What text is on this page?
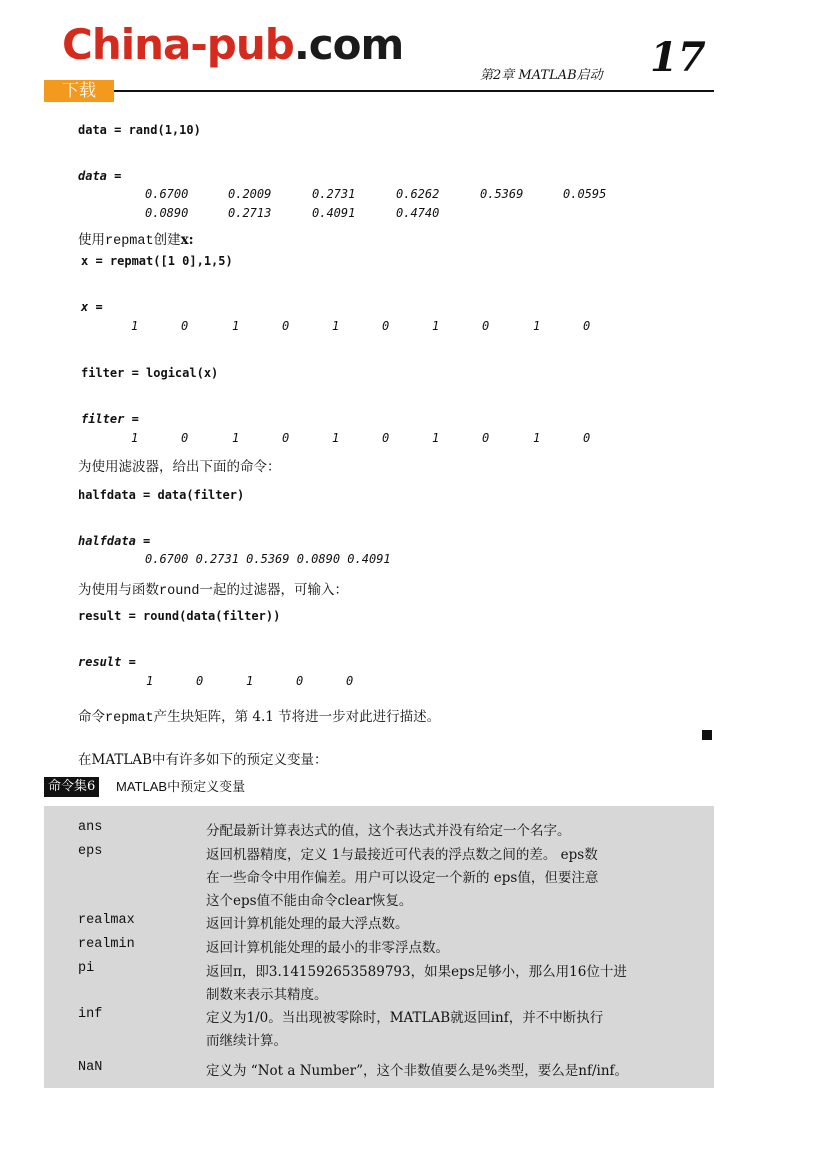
China-pub.com
下载
第2章 MATLAB启动 17
data = rand(1,10)
data =
0.6700	0.2009	0.2731	0.6262	0.5369	0.0595
0.0890	0.2713	0.4091	0.4740
使用repmat创建x:
x = repmat([1 0],1,5)
x =
1	0	1	0	1	0	1	0	1	0
filter = logical(x)
filter =
1	0	1	0	1	0	1	0	1	0
为使用滤波器，给出下面的命令：
halfdata = data(filter)
halfdata =
0.6700 0.2731 0.5369 0.0890 0.4091
为使用与函数round一起的过滤器，可输入：
result = round(data(filter))
result =
1	0	1	0	0
命令repmat产生块矩阵，第 4.1 节将进一步对此进行描述。
在MATLAB中有许多如下的预定义变量：
命令集6	MATLAB中预定义变量
ans	分配最新计算表达式的值，这个表达式并没有给定一个名字。
eps	返回机器精度，定义 1与最接近可代表的浮点数之间的差。 eps数
在一些命令中用作偏差。用户可以设定一个新的 eps值，但要注意
这个eps值不能由命令clear恢复。
realmax	返回计算机能处理的最大浮点数。
realmin	返回计算机能处理的最小的非零浮点数。
pi	返回π，即3.141592653589793，如果eps足够小，那么用16位十进
制数来表示其精度。
inf	定义为1/0。当出现被零除时，MATLAB就返回inf，并不中断执行
而继续计算。
NaN	定义为 “Not a Number”，这个非数值要么是%类型，要么是nf/inf。
